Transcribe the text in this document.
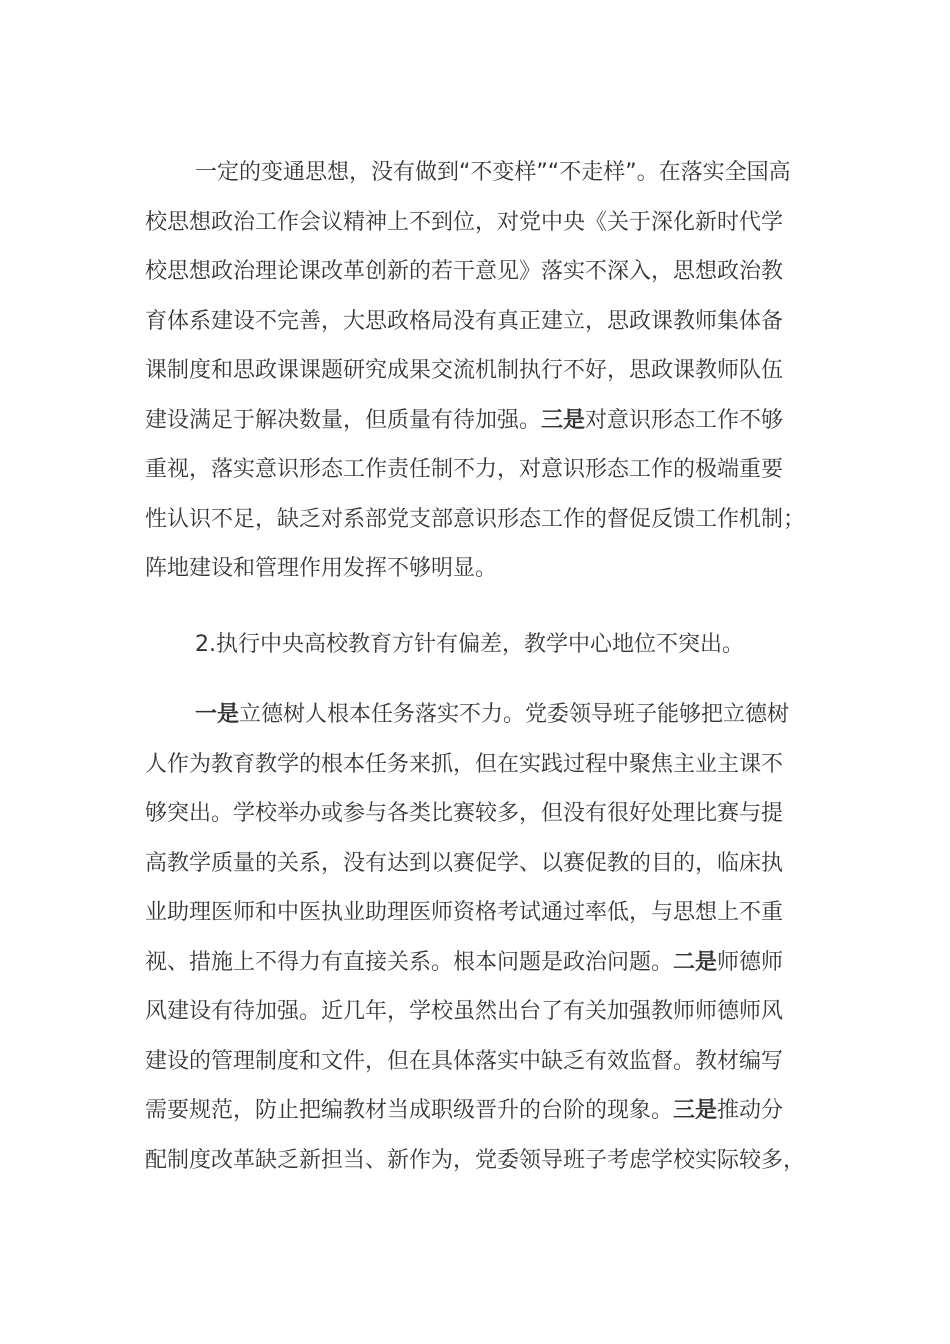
一定的变通思想，没有做到“不变样”“不走样”。在落实全国高
校思想政治工作会议精神上不到位，对党中央《关于深化新时代学
校思想政治理论课改革创新的若干意见》落实不深入，思想政治教
育体系建设不完善，大思政格局没有真正建立，思政课教师集体备
课制度和思政课课题研究成果交流机制执行不好，思政课教师队伍
建设满足于解决数量，但质量有待加强。三是对意识形态工作不够
重视，落实意识形态工作责任制不力，对意识形态工作的极端重要
性认识不足，缺乏对系部党支部意识形态工作的督促反馈工作机制；
阵地建设和管理作用发挥不够明显。
2.执行中央高校教育方针有偏差，教学中心地位不突出。
一是立德树人根本任务落实不力。党委领导班子能够把立德树
人作为教育教学的根本任务来抓，但在实践过程中聚焦主业主课不
够突出。学校举办或参与各类比赛较多，但没有很好处理比赛与提
高教学质量的关系，没有达到以赛促学、以赛促教的目的，临床执
业助理医师和中医执业助理医师资格考试通过率低，与思想上不重
视、措施上不得力有直接关系。根本问题是政治问题。二是师德师
风建设有待加强。近几年，学校虽然出台了有关加强教师师德师风
建设的管理制度和文件，但在具体落实中缺乏有效监督。教材编写
需要规范，防止把编教材当成职级晋升的台阶的现象。三是推动分
配制度改革缺乏新担当、新作为，党委领导班子考虑学校实际较多，
